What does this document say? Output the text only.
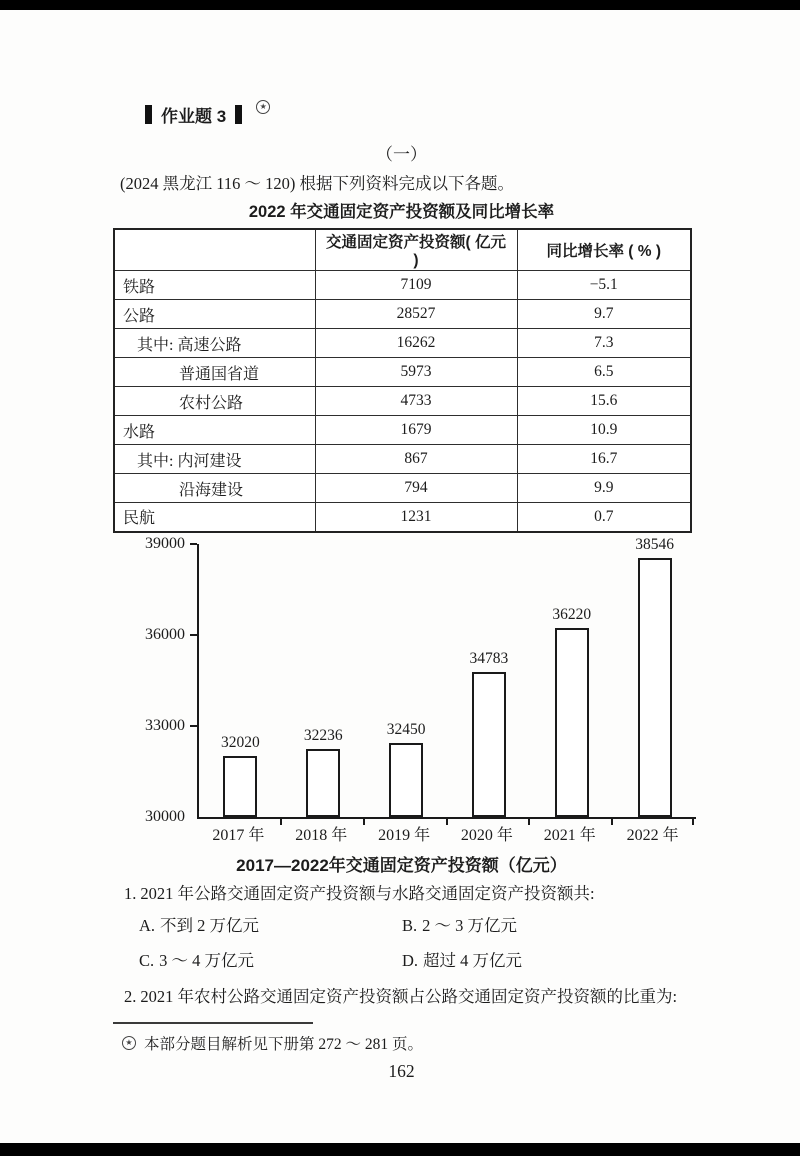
作业题 3
★
（一）
(2024 黑龙江 116 ～ 120) 根据下列资料完成以下各题。
2022 年交通固定资产投资额及同比增长率
	交通固定资产投资额( 亿元 )	同比增长率 ( % )
铁路	7109	−5.1
公路	28527	9.7
其中: 高速公路	16262	7.3
普通国省道	5973	6.5
农村公路	4733	15.6
水路	1679	10.9
其中: 内河建设	867	16.7
沿海建设	794	9.9
民航	1231	0.7
32020	32236	32450
34783
36220
38546
30000
33000
36000
39000
2017 年	2018 年	2019 年	2020 年	2021 年	2022 年
2017—2022年交通固定资产投资额（亿元）
1. 2021 年公路交通固定资产投资额与水路交通固定资产投资额共:
A. 不到 2 万亿元	B. 2 ～ 3 万亿元
C. 3 ～ 4 万亿元	D. 超过 4 万亿元
2. 2021 年农村公路交通固定资产投资额占公路交通固定资产投资额的比重为:
★ 本部分题目解析见下册第 272 ～ 281 页。
162
